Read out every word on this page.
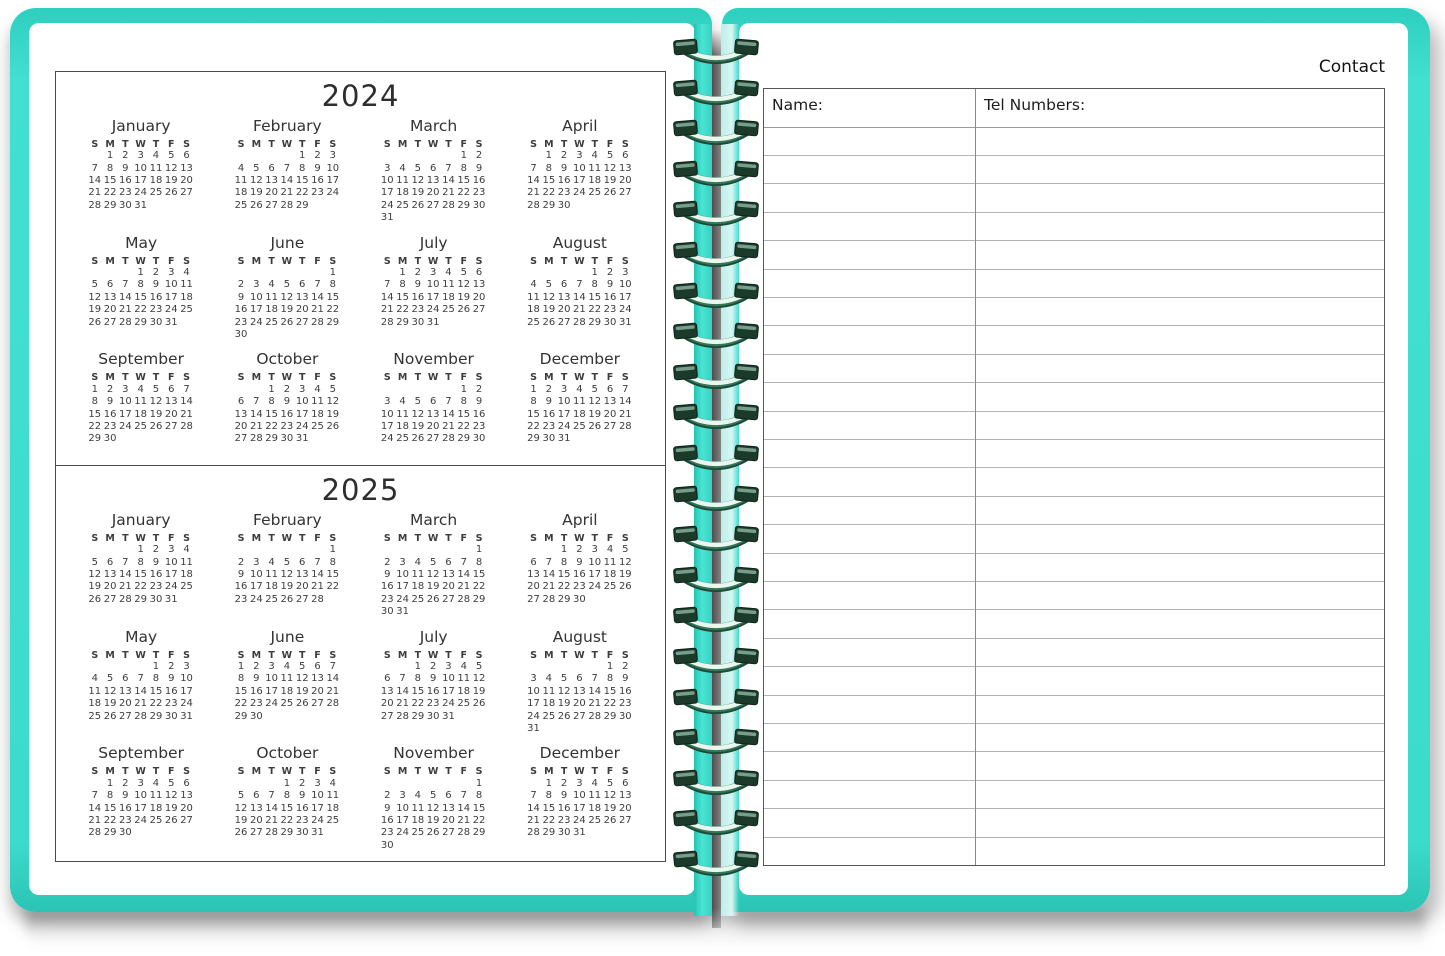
2024
January
S M T W T F S
1 2 3 4 5 6
7 8 9 10 11 12 13
14 15 16 17 18 19 20
21 22 23 24 25 26 27
28 29 30 31
February
S M T W T F S
1 2 3
4 5 6 7 8 9 10
11 12 13 14 15 16 17
18 19 20 21 22 23 24
25 26 27 28 29
March
S M T W T F S
1 2
3 4 5 6 7 8 9
10 11 12 13 14 15 16
17 18 19 20 21 22 23
24 25 26 27 28 29 30
31
April
S M T W T F S
1 2 3 4 5 6
7 8 9 10 11 12 13
14 15 16 17 18 19 20
21 22 23 24 25 26 27
28 29 30
May
S M T W T F S
1 2 3 4
5 6 7 8 9 10 11
12 13 14 15 16 17 18
19 20 21 22 23 24 25
26 27 28 29 30 31
June
S M T W T F S
1
2 3 4 5 6 7 8
9 10 11 12 13 14 15
16 17 18 19 20 21 22
23 24 25 26 27 28 29
30
July
S M T W T F S
1 2 3 4 5 6
7 8 9 10 11 12 13
14 15 16 17 18 19 20
21 22 23 24 25 26 27
28 29 30 31
August
S M T W T F S
1 2 3
4 5 6 7 8 9 10
11 12 13 14 15 16 17
18 19 20 21 22 23 24
25 26 27 28 29 30 31
September
S M T W T F S
1 2 3 4 5 6 7
8 9 10 11 12 13 14
15 16 17 18 19 20 21
22 23 24 25 26 27 28
29 30
October
S M T W T F S
1 2 3 4 5
6 7 8 9 10 11 12
13 14 15 16 17 18 19
20 21 22 23 24 25 26
27 28 29 30 31
November
S M T W T F S
1 2
3 4 5 6 7 8 9
10 11 12 13 14 15 16
17 18 19 20 21 22 23
24 25 26 27 28 29 30
December
S M T W T F S
1 2 3 4 5 6 7
8 9 10 11 12 13 14
15 16 17 18 19 20 21
22 23 24 25 26 27 28
29 30 31
2025
January
S M T W T F S
1 2 3 4
5 6 7 8 9 10 11
12 13 14 15 16 17 18
19 20 21 22 23 24 25
26 27 28 29 30 31
February
S M T W T F S
1
2 3 4 5 6 7 8
9 10 11 12 13 14 15
16 17 18 19 20 21 22
23 24 25 26 27 28
March
S M T W T F S
1
2 3 4 5 6 7 8
9 10 11 12 13 14 15
16 17 18 19 20 21 22
23 24 25 26 27 28 29
30 31
April
S M T W T F S
1 2 3 4 5
6 7 8 9 10 11 12
13 14 15 16 17 18 19
20 21 22 23 24 25 26
27 28 29 30
May
S M T W T F S
1 2 3
4 5 6 7 8 9 10
11 12 13 14 15 16 17
18 19 20 21 22 23 24
25 26 27 28 29 30 31
June
S M T W T F S
1 2 3 4 5 6 7
8 9 10 11 12 13 14
15 16 17 18 19 20 21
22 23 24 25 26 27 28
29 30
July
S M T W T F S
1 2 3 4 5
6 7 8 9 10 11 12
13 14 15 16 17 18 19
20 21 22 23 24 25 26
27 28 29 30 31
August
S M T W T F S
1 2
3 4 5 6 7 8 9
10 11 12 13 14 15 16
17 18 19 20 21 22 23
24 25 26 27 28 29 30
31
September
S M T W T F S
1 2 3 4 5 6
7 8 9 10 11 12 13
14 15 16 17 18 19 20
21 22 23 24 25 26 27
28 29 30
October
S M T W T F S
1 2 3 4
5 6 7 8 9 10 11
12 13 14 15 16 17 18
19 20 21 22 23 24 25
26 27 28 29 30 31
November
S M T W T F S
1
2 3 4 5 6 7 8
9 10 11 12 13 14 15
16 17 18 19 20 21 22
23 24 25 26 27 28 29
30
December
S M T W T F S
1 2 3 4 5 6
7 8 9 10 11 12 13
14 15 16 17 18 19 20
21 22 23 24 25 26 27
28 29 30 31
Contact
Name:	Tel Numbers:
